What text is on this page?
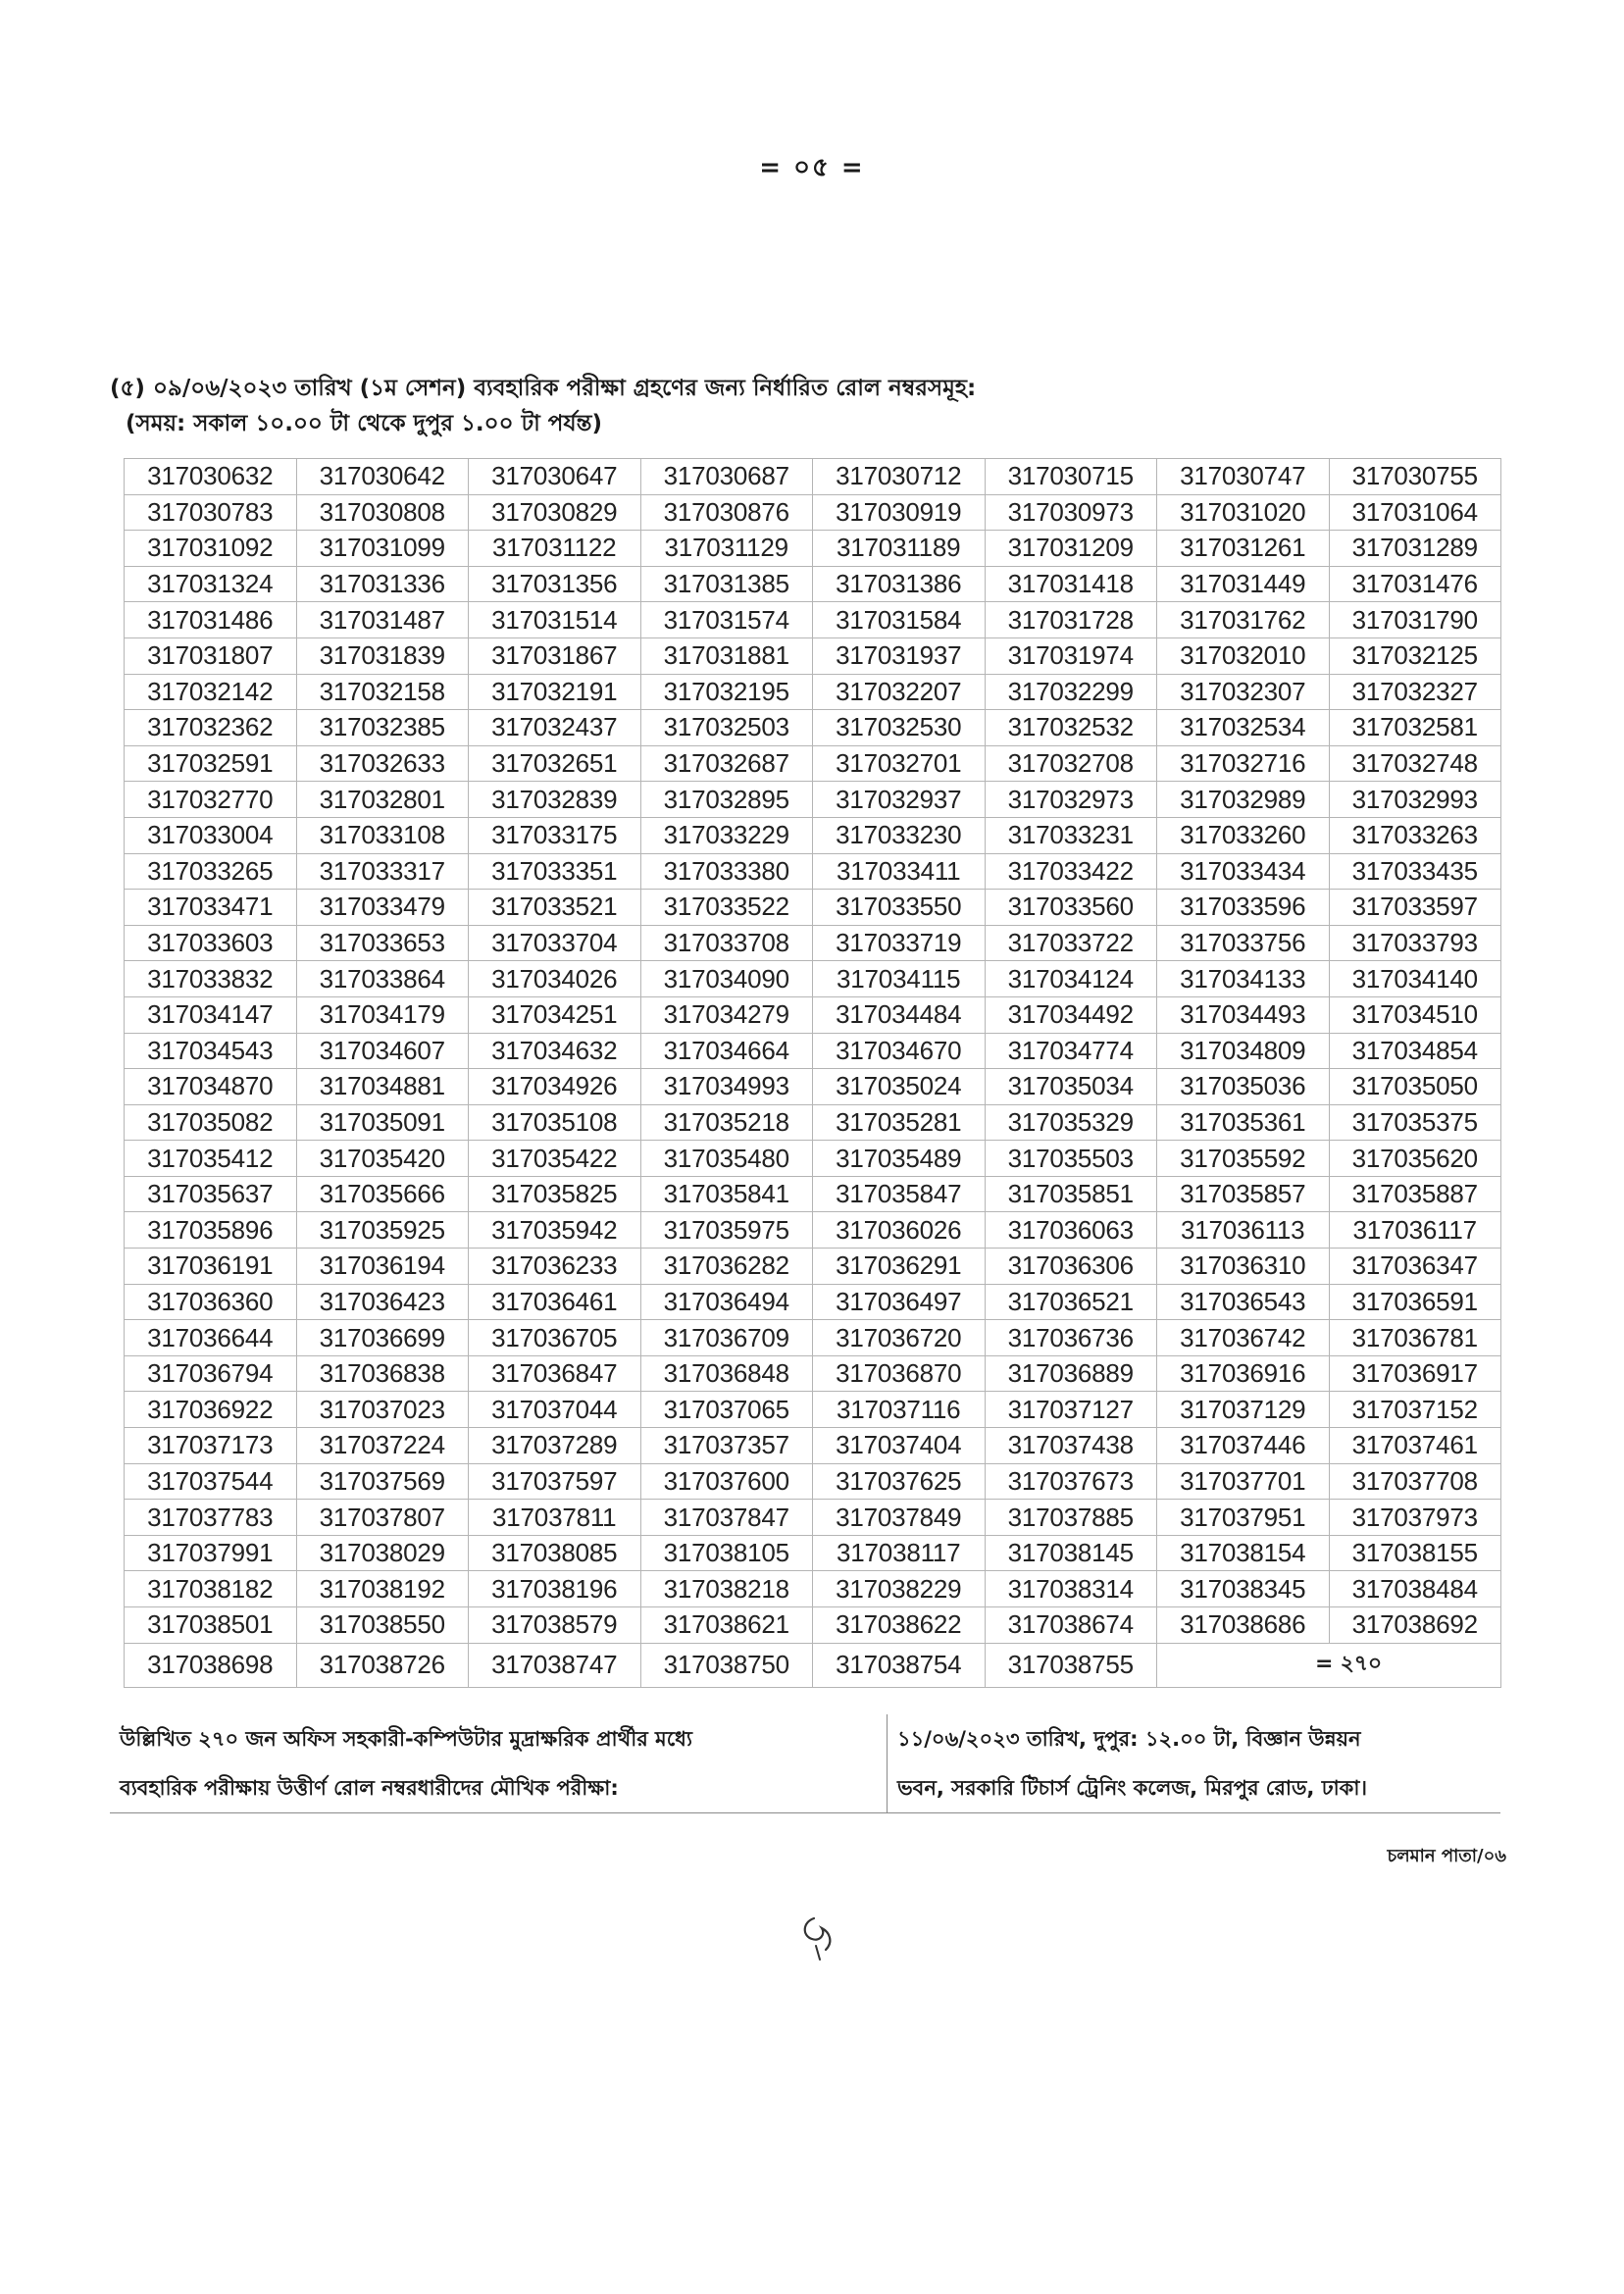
= ০৫ =
(৫) ০৯/০৬/২০২৩ তারিখ (১ম সেশন) ব্যবহারিক পরীক্ষা গ্রহণের জন্য নির্ধারিত রোল নম্বরসমূহ:
(সময়: সকাল ১০.০০ টা থেকে দুপুর ১.০০ টা পর্যন্ত)
317030632	317030642	317030647	317030687	317030712	317030715	317030747	317030755
317030783	317030808	317030829	317030876	317030919	317030973	317031020	317031064
317031092	317031099	317031122	317031129	317031189	317031209	317031261	317031289
317031324	317031336	317031356	317031385	317031386	317031418	317031449	317031476
317031486	317031487	317031514	317031574	317031584	317031728	317031762	317031790
317031807	317031839	317031867	317031881	317031937	317031974	317032010	317032125
317032142	317032158	317032191	317032195	317032207	317032299	317032307	317032327
317032362	317032385	317032437	317032503	317032530	317032532	317032534	317032581
317032591	317032633	317032651	317032687	317032701	317032708	317032716	317032748
317032770	317032801	317032839	317032895	317032937	317032973	317032989	317032993
317033004	317033108	317033175	317033229	317033230	317033231	317033260	317033263
317033265	317033317	317033351	317033380	317033411	317033422	317033434	317033435
317033471	317033479	317033521	317033522	317033550	317033560	317033596	317033597
317033603	317033653	317033704	317033708	317033719	317033722	317033756	317033793
317033832	317033864	317034026	317034090	317034115	317034124	317034133	317034140
317034147	317034179	317034251	317034279	317034484	317034492	317034493	317034510
317034543	317034607	317034632	317034664	317034670	317034774	317034809	317034854
317034870	317034881	317034926	317034993	317035024	317035034	317035036	317035050
317035082	317035091	317035108	317035218	317035281	317035329	317035361	317035375
317035412	317035420	317035422	317035480	317035489	317035503	317035592	317035620
317035637	317035666	317035825	317035841	317035847	317035851	317035857	317035887
317035896	317035925	317035942	317035975	317036026	317036063	317036113	317036117
317036191	317036194	317036233	317036282	317036291	317036306	317036310	317036347
317036360	317036423	317036461	317036494	317036497	317036521	317036543	317036591
317036644	317036699	317036705	317036709	317036720	317036736	317036742	317036781
317036794	317036838	317036847	317036848	317036870	317036889	317036916	317036917
317036922	317037023	317037044	317037065	317037116	317037127	317037129	317037152
317037173	317037224	317037289	317037357	317037404	317037438	317037446	317037461
317037544	317037569	317037597	317037600	317037625	317037673	317037701	317037708
317037783	317037807	317037811	317037847	317037849	317037885	317037951	317037973
317037991	317038029	317038085	317038105	317038117	317038145	317038154	317038155
317038182	317038192	317038196	317038218	317038229	317038314	317038345	317038484
317038501	317038550	317038579	317038621	317038622	317038674	317038686	317038692
317038698	317038726	317038747	317038750	317038754	317038755	= ২৭০	
উল্লিখিত ২৭০ জন অফিস সহকারী-কম্পিউটার মুদ্রাক্ষরিক প্রার্থীর মধ্যে
ব্যবহারিক পরীক্ষায় উত্তীর্ণ রোল নম্বরধারীদের মৌখিক পরীক্ষা:

১১/০৬/২০২৩ তারিখ, দুপুর: ১২.০০ টা, বিজ্ঞান উন্নয়ন
ভবন, সরকারি টিচার্স ট্রেনিং কলেজ, মিরপুর রোড, ঢাকা।
চলমান পাতা/০৬
